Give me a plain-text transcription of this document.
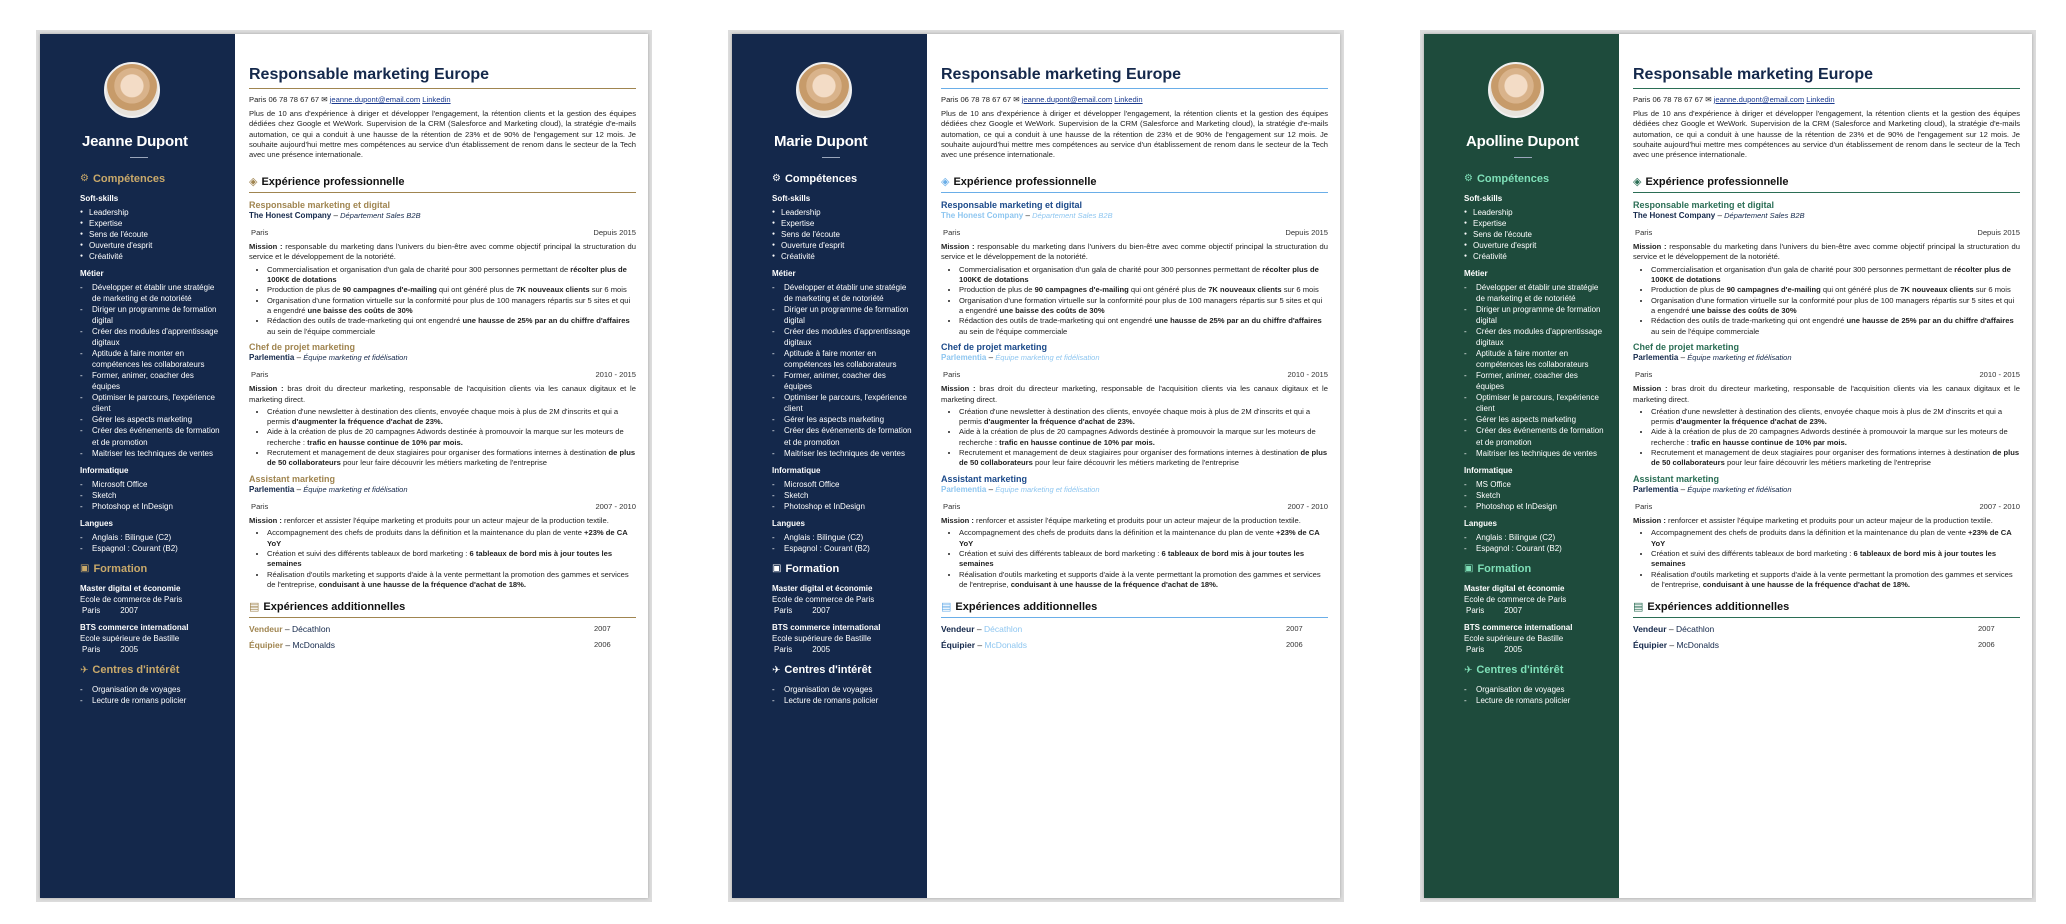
Jeanne Dupont
⚙ Compétences
Soft-skills
● Leadership
● Expertise
● Sens de l'écoute
● Ouverture d'esprit
● Créativité
Métier
- Développer et établir une stratégie de marketing et de notoriété
- Diriger un programme de formation digital
- Créer des modules d'apprentissage digitaux
- Aptitude à faire monter en compétences les collaborateurs
- Former, animer, coacher des équipes
- Optimiser le parcours, l'expérience client
- Gérer les aspects marketing
- Créer des événements de formation et de promotion
- Maitriser les techniques de ventes
Informatique
- Microsoft Office
- Sketch
- Photoshop et InDesign
Langues
- Anglais : Bilingue (C2)
- Espagnol : Courant (B2)
▣ Formation
Master digital et économie
Ecole de commerce de Paris
Paris	2007
BTS commerce international
Ecole supérieure de Bastille
Paris	2005
✈ Centres d'intérêt
- Organisation de voyages
- Lecture de romans policier
Responsable marketing Europe
Paris 06 78 78 67 67 ✉ jeanne.dupont@email.com Linkedin
Plus de 10 ans d'expérience à diriger et développer l'engagement, la rétention clients et la gestion des équipes dédiées chez Google et WeWork. Supervision de la CRM (Salesforce and Marketing cloud), la stratégie d'e-mails automation, ce qui a conduit à une hausse de la rétention de 23% et de 90% de l'engagement sur 12 mois. Je souhaite aujourd'hui mettre mes compétences au service d'un établissement de renom dans le secteur de la Tech avec une présence internationale.
◈ Expérience professionnelle
Responsable marketing et digital
The Honest Company – Département Sales B2B
Paris	Depuis 2015
Mission : responsable du marketing dans l'univers du bien-être avec comme objectif principal la structuration du service et le développement de la notoriété.
• Commercialisation et organisation d'un gala de charité pour 300 personnes permettant de récolter plus de 100K€ de dotations
• Production de plus de 90 campagnes d'e-mailing qui ont généré plus de 7K nouveaux clients sur 6 mois
• Organisation d'une formation virtuelle sur la conformité pour plus de 100 managers répartis sur 5 sites et qui a engendré une baisse des coûts de 30%
• Rédaction des outils de trade-marketing qui ont engendré une hausse de 25% par an du chiffre d'affaires au sein de l'équipe commerciale
Chef de projet marketing
Parlementia – Équipe marketing et fidélisation
Paris	2010 - 2015
Mission : bras droit du directeur marketing, responsable de l'acquisition clients via les canaux digitaux et le marketing direct.
• Création d'une newsletter à destination des clients, envoyée chaque mois à plus de 2M d'inscrits et qui a permis d'augmenter la fréquence d'achat de 23%.
• Aide à la création de plus de 20 campagnes Adwords destinée à promouvoir la marque sur les moteurs de recherche : trafic en hausse continue de 10% par mois.
• Recrutement et management de deux stagiaires pour organiser des formations internes à destination de plus de 50 collaborateurs pour leur faire découvrir les métiers marketing de l'entreprise
Assistant marketing
Parlementia – Équipe marketing et fidélisation
Paris	2007 - 2010
Mission : renforcer et assister l'équipe marketing et produits pour un acteur majeur de la production textile.
• Accompagnement des chefs de produits dans la définition et la maintenance du plan de vente +23% de CA YoY
• Création et suivi des différents tableaux de bord marketing : 6 tableaux de bord mis à jour toutes les semaines
• Réalisation d'outils marketing et supports d'aide à la vente permettant la promotion des gammes et services de l'entreprise, conduisant à une hausse de la fréquence d'achat de 18%.
▤ Expériences additionnelles
Vendeur – Décathlon	2007
Équipier – McDonalds	2006
Marie Dupont
⚙ Compétences
Soft-skills
● Leadership
● Expertise
● Sens de l'écoute
● Ouverture d'esprit
● Créativité
Métier
- Développer et établir une stratégie de marketing et de notoriété
- Diriger un programme de formation digital
- Créer des modules d'apprentissage digitaux
- Aptitude à faire monter en compétences les collaborateurs
- Former, animer, coacher des équipes
- Optimiser le parcours, l'expérience client
- Gérer les aspects marketing
- Créer des événements de formation et de promotion
- Maitriser les techniques de ventes
Informatique
- Microsoft Office
- Sketch
- Photoshop et InDesign
Langues
- Anglais : Bilingue (C2)
- Espagnol : Courant (B2)
▣ Formation
Master digital et économie
Ecole de commerce de Paris
Paris	2007
BTS commerce international
Ecole supérieure de Bastille
Paris	2005
✈ Centres d'intérêt
- Organisation de voyages
- Lecture de romans policier
Responsable marketing Europe
Paris 06 78 78 67 67 ✉ jeanne.dupont@email.com Linkedin
Plus de 10 ans d'expérience à diriger et développer l'engagement, la rétention clients et la gestion des équipes dédiées chez Google et WeWork. Supervision de la CRM (Salesforce and Marketing cloud), la stratégie d'e-mails automation, ce qui a conduit à une hausse de la rétention de 23% et de 90% de l'engagement sur 12 mois. Je souhaite aujourd'hui mettre mes compétences au service d'un établissement de renom dans le secteur de la Tech avec une présence internationale.
◈ Expérience professionnelle
Responsable marketing et digital
The Honest Company – Département Sales B2B
Paris	Depuis 2015
Mission : responsable du marketing dans l'univers du bien-être avec comme objectif principal la structuration du service et le développement de la notoriété.
• Commercialisation et organisation d'un gala de charité pour 300 personnes permettant de récolter plus de 100K€ de dotations
• Production de plus de 90 campagnes d'e-mailing qui ont généré plus de 7K nouveaux clients sur 6 mois
• Organisation d'une formation virtuelle sur la conformité pour plus de 100 managers répartis sur 5 sites et qui a engendré une baisse des coûts de 30%
• Rédaction des outils de trade-marketing qui ont engendré une hausse de 25% par an du chiffre d'affaires au sein de l'équipe commerciale
Chef de projet marketing
Parlementia – Équipe marketing et fidélisation
Paris	2010 - 2015
Mission : bras droit du directeur marketing, responsable de l'acquisition clients via les canaux digitaux et le marketing direct.
• Création d'une newsletter à destination des clients, envoyée chaque mois à plus de 2M d'inscrits et qui a permis d'augmenter la fréquence d'achat de 23%.
• Aide à la création de plus de 20 campagnes Adwords destinée à promouvoir la marque sur les moteurs de recherche : trafic en hausse continue de 10% par mois.
• Recrutement et management de deux stagiaires pour organiser des formations internes à destination de plus de 50 collaborateurs pour leur faire découvrir les métiers marketing de l'entreprise
Assistant marketing
Parlementia – Équipe marketing et fidélisation
Paris	2007 - 2010
Mission : renforcer et assister l'équipe marketing et produits pour un acteur majeur de la production textile.
• Accompagnement des chefs de produits dans la définition et la maintenance du plan de vente +23% de CA YoY
• Création et suivi des différents tableaux de bord marketing : 6 tableaux de bord mis à jour toutes les semaines
• Réalisation d'outils marketing et supports d'aide à la vente permettant la promotion des gammes et services de l'entreprise, conduisant à une hausse de la fréquence d'achat de 18%.
▤ Expériences additionnelles
Vendeur – Décathlon	2007
Équipier – McDonalds	2006
Apolline Dupont
⚙ Compétences
Soft-skills
● Leadership
● Expertise
● Sens de l'écoute
● Ouverture d'esprit
● Créativité
Métier
- Développer et établir une stratégie de marketing et de notoriété
- Diriger un programme de formation digital
- Créer des modules d'apprentissage digitaux
- Aptitude à faire monter en compétences les collaborateurs
- Former, animer, coacher des équipes
- Optimiser le parcours, l'expérience client
- Gérer les aspects marketing
- Créer des événements de formation et de promotion
- Maitriser les techniques de ventes
Informatique
- MS Office
- Sketch
- Photoshop et InDesign
Langues
- Anglais : Bilingue (C2)
- Espagnol : Courant (B2)
▣ Formation
Master digital et économie
Ecole de commerce de Paris
Paris	2007
BTS commerce international
Ecole supérieure de Bastille
Paris	2005
✈ Centres d'intérêt
- Organisation de voyages
- Lecture de romans policier
Responsable marketing Europe
Paris 06 78 78 67 67 ✉ jeanne.dupont@email.com Linkedin
Plus de 10 ans d'expérience à diriger et développer l'engagement, la rétention clients et la gestion des équipes dédiées chez Google et WeWork. Supervision de la CRM (Salesforce and Marketing cloud), la stratégie d'e-mails automation, ce qui a conduit à une hausse de la rétention de 23% et de 90% de l'engagement sur 12 mois. Je souhaite aujourd'hui mettre mes compétences au service d'un établissement de renom dans le secteur de la Tech avec une présence internationale.
◈ Expérience professionnelle
Responsable marketing et digital
The Honest Company – Département Sales B2B
Paris	Depuis 2015
Mission : responsable du marketing dans l'univers du bien-être avec comme objectif principal la structuration du service et le développement de la notoriété.
• Commercialisation et organisation d'un gala de charité pour 300 personnes permettant de récolter plus de 100K€ de dotations
• Production de plus de 90 campagnes d'e-mailing qui ont généré plus de 7K nouveaux clients sur 6 mois
• Organisation d'une formation virtuelle sur la conformité pour plus de 100 managers répartis sur 5 sites et qui a engendré une baisse des coûts de 30%
• Rédaction des outils de trade-marketing qui ont engendré une hausse de 25% par an du chiffre d'affaires au sein de l'équipe commerciale
Chef de projet marketing
Parlementia – Équipe marketing et fidélisation
Paris	2010 - 2015
Mission : bras droit du directeur marketing, responsable de l'acquisition clients via les canaux digitaux et le marketing direct.
• Création d'une newsletter à destination des clients, envoyée chaque mois à plus de 2M d'inscrits et qui a permis d'augmenter la fréquence d'achat de 23%.
• Aide à la création de plus de 20 campagnes Adwords destinée à promouvoir la marque sur les moteurs de recherche : trafic en hausse continue de 10% par mois.
• Recrutement et management de deux stagiaires pour organiser des formations internes à destination de plus de 50 collaborateurs pour leur faire découvrir les métiers marketing de l'entreprise
Assistant marketing
Parlementia – Équipe marketing et fidélisation
Paris	2007 - 2010
Mission : renforcer et assister l'équipe marketing et produits pour un acteur majeur de la production textile.
• Accompagnement des chefs de produits dans la définition et la maintenance du plan de vente +23% de CA YoY
• Création et suivi des différents tableaux de bord marketing : 6 tableaux de bord mis à jour toutes les semaines
• Réalisation d'outils marketing et supports d'aide à la vente permettant la promotion des gammes et services de l'entreprise, conduisant à une hausse de la fréquence d'achat de 18%.
▤ Expériences additionnelles
Vendeur – Décathlon	2007
Équipier – McDonalds	2006
